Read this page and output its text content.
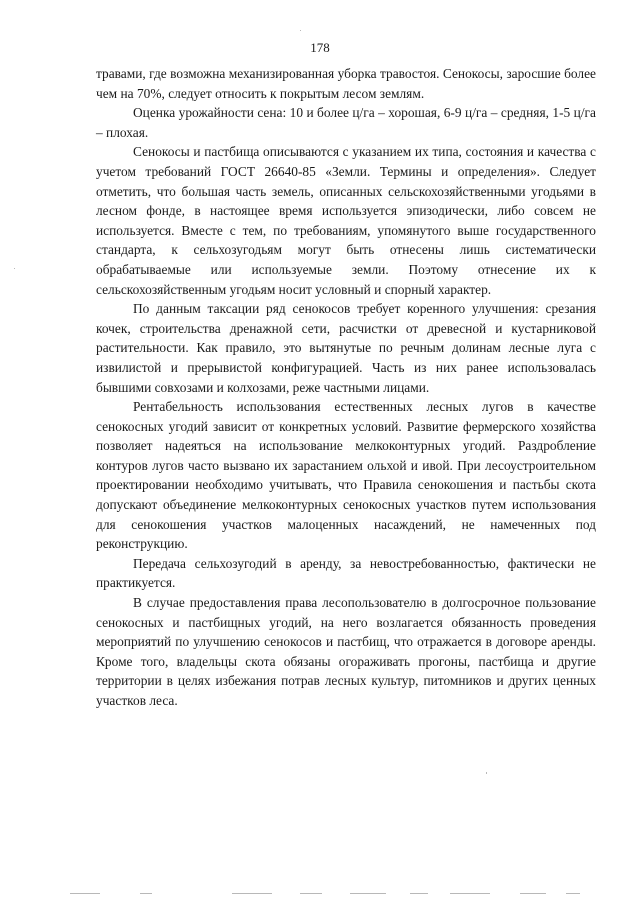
178

травами, где возможна механизированная уборка травостоя. Сенокосы, заросшие более чем на 70%, следует относить к покрытым лесом землям.

Оценка урожайности сена: 10 и более ц/га – хорошая, 6-9 ц/га – средняя, 1-5 ц/га – плохая.

Сенокосы и пастбища описываются с указанием их типа, состояния и качества с учетом требований ГОСТ 26640-85 «Земли. Термины и определения». Следует отметить, что большая часть земель, описанных сельскохозяйственными угодьями в лесном фонде, в настоящее время используется эпизодически, либо совсем не используется. Вместе с тем, по требованиям, упомянутого выше государственного стандарта, к сельхозугодьям могут быть отнесены лишь систематически обрабатываемые или используемые земли. Поэтому отнесение их к сельскохозяйственным угодьям носит условный и спорный характер.

По данным таксации ряд сенокосов требует коренного улучшения: срезания кочек, строительства дренажной сети, расчистки от древесной и кустарниковой растительности. Как правило, это вытянутые по речным долинам лесные луга с извилистой и прерывистой конфигурацией. Часть из них ранее использовалась бывшими совхозами и колхозами, реже частными лицами.

Рентабельность использования естественных лесных лугов в качестве сенокосных угодий зависит от конкретных условий. Развитие фермерского хозяйства позволяет надеяться на использование мелкоконтурных угодий. Раздробление контуров лугов часто вызвано их зарастанием ольхой и ивой. При лесоустроительном проектировании необходимо учитывать, что Правила сенокошения и пастьбы скота допускают объединение мелкоконтурных сенокосных участков путем использования для сенокошения участков малоценных насаждений, не намеченных под реконструкцию.

Передача сельхозугодий в аренду, за невостребованностью, фактически не практикуется.

В случае предоставления права лесопользователю в долгосрочное пользование сенокосных и пастбищных угодий, на него возлагается обязанность проведения мероприятий по улучшению сенокосов и пастбищ, что отражается в договоре аренды. Кроме того, владельцы скота обязаны огораживать прогоны, пастбища и другие территории в целях избежания потрав лесных культур, питомников и других ценных участков леса.
